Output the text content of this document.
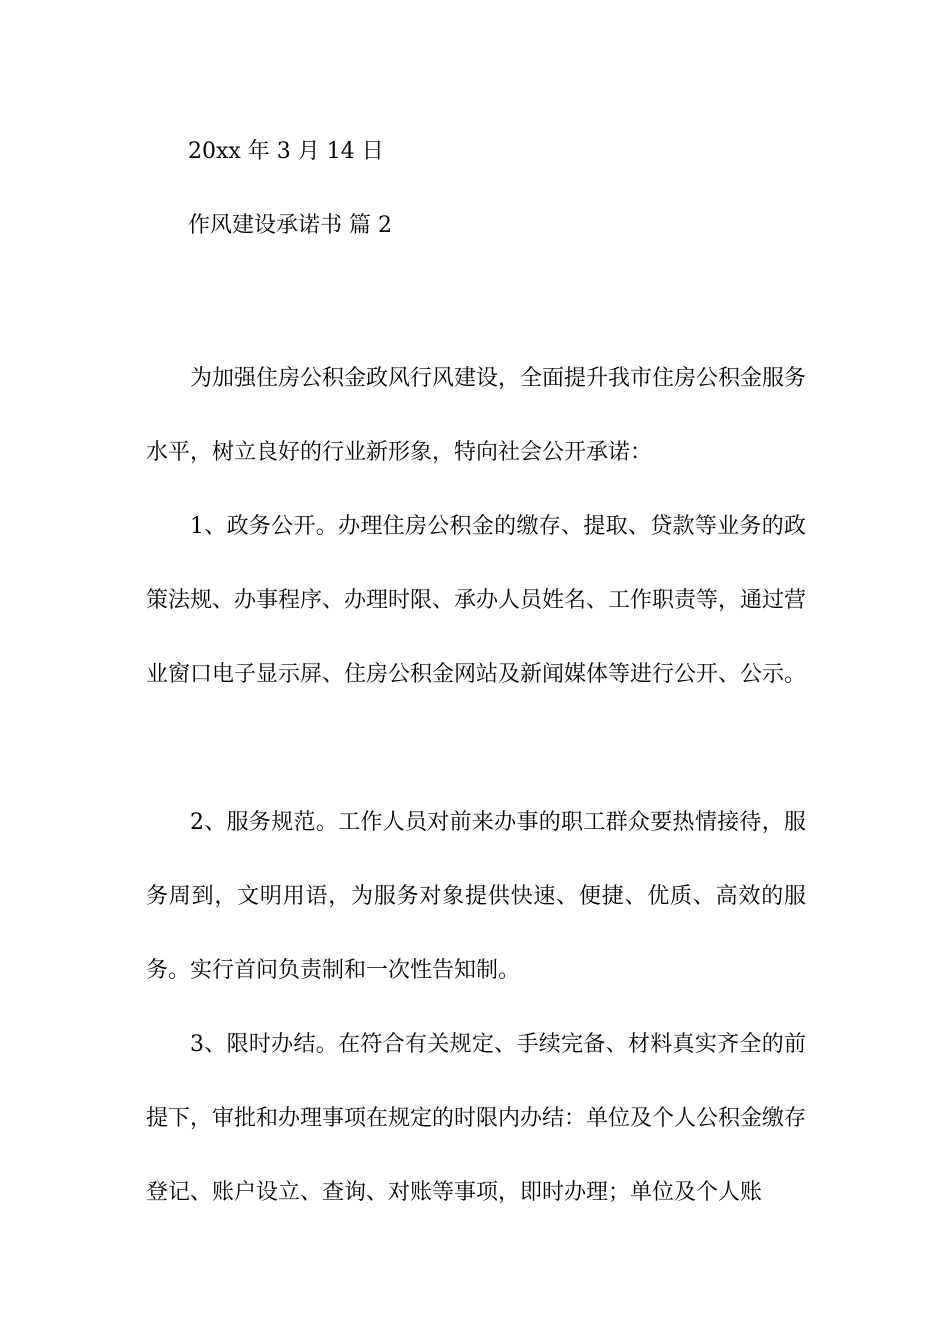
20xx 年 3 月 14 日
作风建设承诺书 篇 2

为加强住房公积金政风行风建设，全面提升我市住房公积金服务水平，树立良好的行业新形象，特向社会公开承诺：

1、政务公开。办理住房公积金的缴存、提取、贷款等业务的政策法规、办事程序、办理时限、承办人员姓名、工作职责等，通过营业窗口电子显示屏、住房公积金网站及新闻媒体等进行公开、公示。

2、服务规范。工作人员对前来办事的职工群众要热情接待，服务周到，文明用语，为服务对象提供快速、便捷、优质、高效的服务。实行首问负责制和一次性告知制。

3、限时办结。在符合有关规定、手续完备、材料真实齐全的前提下，审批和办理事项在规定的时限内办结：单位及个人公积金缴存登记、账户设立、查询、对账等事项，即时办理；单位及个人账
